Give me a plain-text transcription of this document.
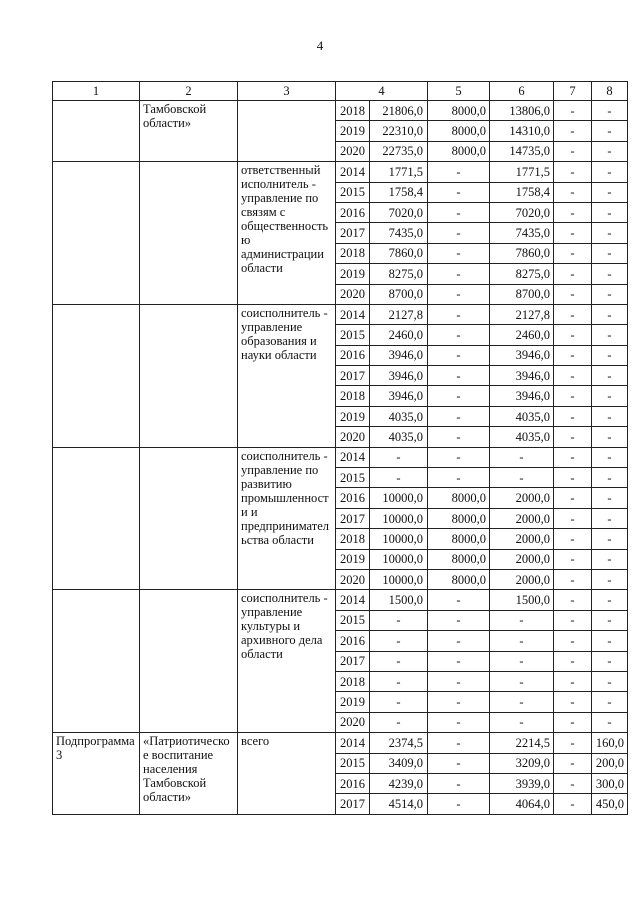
4
1	2	3	4		5	6	7	8
	Тамбовской области»		2018	21806,0	8000,0	13806,0	-	-
			2019	22310,0	8000,0	14310,0	-	-
			2020	22735,0	8000,0	14735,0	-	-
		ответственный исполнитель - управление по связям с общественностью администрации области	2014	1771,5	-	1771,5	-	-
			2015	1758,4	-	1758,4	-	-
			2016	7020,0	-	7020,0	-	-
			2017	7435,0	-	7435,0	-	-
			2018	7860,0	-	7860,0	-	-
			2019	8275,0	-	8275,0	-	-
			2020	8700,0	-	8700,0	-	-
		соисполнитель - управление образования и науки области	2014	2127,8	-	2127,8	-	-
			2015	2460,0	-	2460,0	-	-
			2016	3946,0	-	3946,0	-	-
			2017	3946,0	-	3946,0	-	-
			2018	3946,0	-	3946,0	-	-
			2019	4035,0	-	4035,0	-	-
			2020	4035,0	-	4035,0	-	-
		соисполнитель - управление по развитию промышленности и предпринимательства области	2014	-	-	-	-	-
			2015	-	-	-	-	-
			2016	10000,0	8000,0	2000,0	-	-
			2017	10000,0	8000,0	2000,0	-	-
			2018	10000,0	8000,0	2000,0	-	-
			2019	10000,0	8000,0	2000,0	-	-
			2020	10000,0	8000,0	2000,0	-	-
		соисполнитель - управление культуры и архивного дела области	2014	1500,0	-	1500,0	-	-
			2015	-	-	-	-	-
			2016	-	-	-	-	-
			2017	-	-	-	-	-
			2018	-	-	-	-	-
			2019	-	-	-	-	-
			2020	-	-	-	-	-
Подпрограмма 3	«Патриотическое воспитание населения Тамбовской области»	всего	2014	2374,5	-	2214,5	-	160,0
			2015	3409,0	-	3209,0	-	200,0
			2016	4239,0	-	3939,0	-	300,0
			2017	4514,0	-	4064,0	-	450,0
